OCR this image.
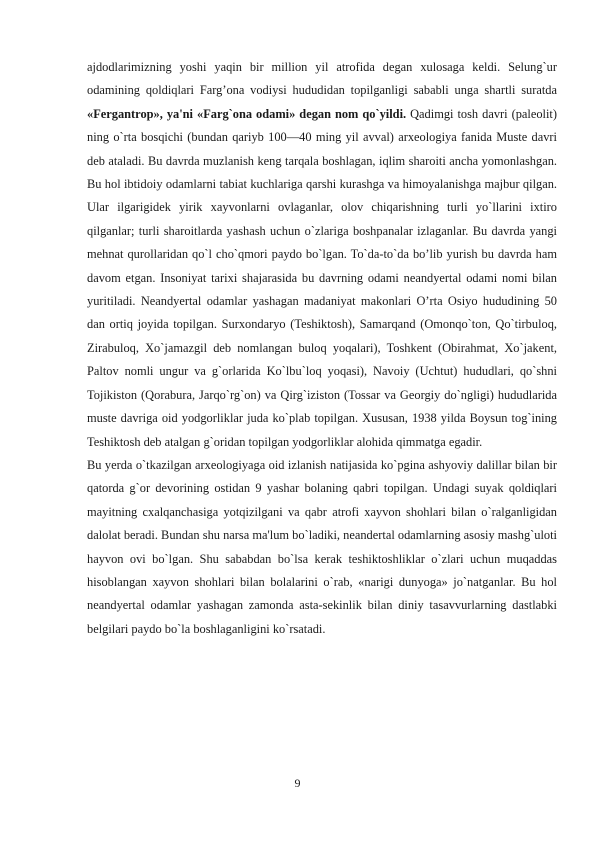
ajdodlarimizning yoshi yaqin bir million yil atrofida degan xulosaga keldi. Selung`ur odamining qoldiqlari Farg’ona vodiysi hududidan topilganligi sababli unga shartli suratda «Fergantrop», ya'ni «Farg`ona odami» degan nom qo`yildi. Qadimgi tosh davri (paleolit) ning o`rta bosqichi (bundan qariyb 100—40 ming yil avval) arxeologiya fanida Muste davri deb ataladi. Bu davrda muzlanish keng tarqala boshlagan, iqlim sharoiti ancha yomonlashgan. Bu hol ibtidoiy odamlarni tabiat kuchlariga qarshi kurashga va himoyalanishga majbur qilgan. Ular ilgarigidek yirik xayvonlarni ovlaganlar, olov chiqarishning turli yo`llarini ixtiro qilganlar; turli sharoitlarda yashash uchun o`zlariga boshpanalar izlaganlar. Bu davrda yangi mehnat qurollaridan qo`l cho`qmori paydo bo`lgan. To`da-to`da bo’lib yurish bu davrda ham davom etgan. Insoniyat tarixi shajarasida bu davrning odami neandyertal odami nomi bilan yuritiladi. Neandyertal odamlar yashagan madaniyat makonlari O’rta Osiyo hududining 50 dan ortiq joyida topilgan. Surxondaryo (Teshiktosh), Samarqand (Omonqo`ton, Qo`tirbuloq, Zirabuloq, Xo`jamazgil deb nomlangan buloq yoqalari), Toshkent (Obirahmat, Xo`jakent, Paltov nomli ungur va g`orlarida Ko`lbu`loq yoqasi), Navoiy (Uchtut) hududlari, qo`shni Tojikiston (Qorabura, Jarqo`rg`on) va Qirg`iziston (Tossar va Georgiy do`ngligi) hududlarida muste davriga oid yodgorliklar juda ko`plab topilgan. Xususan, 1938 yilda Boysun tog`ining Teshiktosh deb atalgan g`oridan topilgan yodgorliklar alohida qimmatga egadir.

Bu yerda o`tkazilgan arxeologiyaga oid izlanish natijasida ko`pgina ashyoviy dalillar bilan bir qatorda g`or devorining ostidan 9 yashar bolaning qabri topilgan. Undagi suyak qoldiqlari mayitning cxalqanchasiga yotqizilgani va qabr atrofi xayvon shohlari bilan o`ralganligidan dalolat beradi. Bundan shu narsa ma'lum bo`ladiki, neandertal odamlarning asosiy mashg`uloti hayvon ovi bo`lgan. Shu sababdan bo`lsa kerak teshiktoshliklar o`zlari uchun muqaddas hisoblangan xayvon shohlari bilan bolalarini o`rab, «narigi dunyoga» jo`natganlar. Bu hol neandyertal odamlar yashagan zamonda asta-sekinlik bilan diniy tasavvurlarning dastlabki belgilari paydo bo`la boshlaganligini ko`rsatadi.

9
